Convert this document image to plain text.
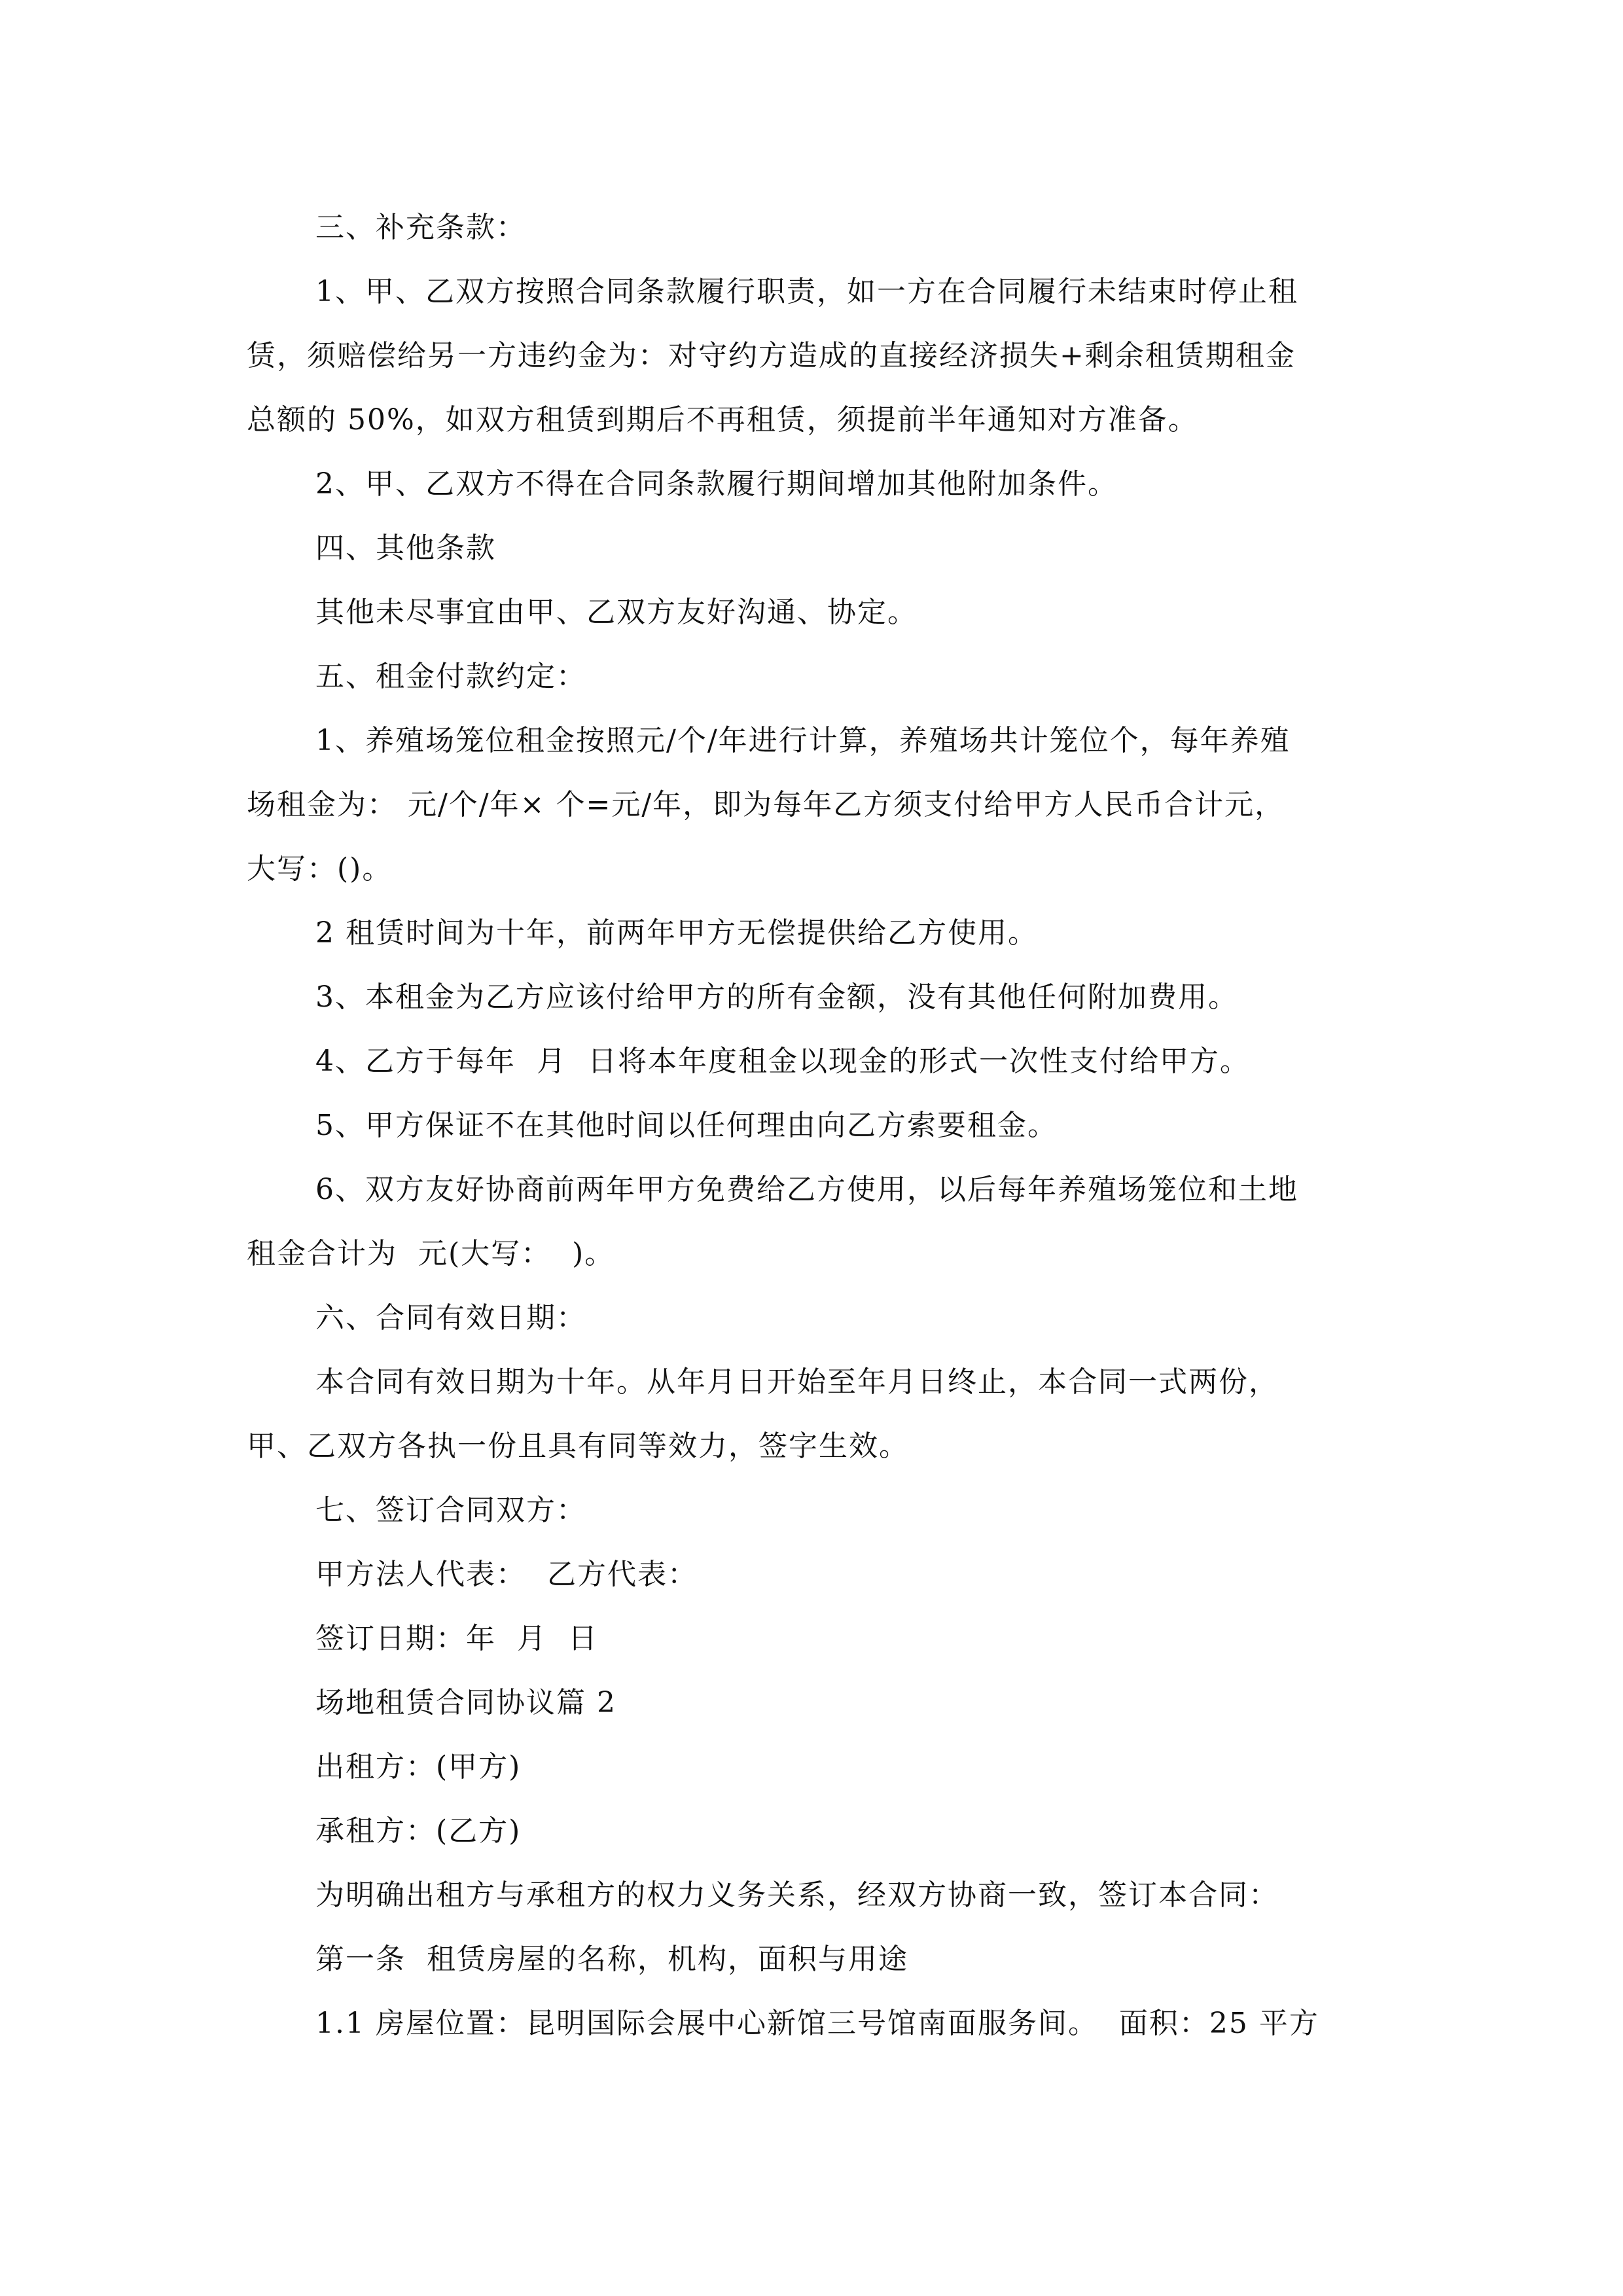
三、补充条款：
1、甲、乙双方按照合同条款履行职责，如一方在合同履行未结束时停止租
赁，须赔偿给另一方违约金为：对守约方造成的直接经济损失+剩余租赁期租金
总额的 50%，如双方租赁到期后不再租赁，须提前半年通知对方准备。
2、甲、乙双方不得在合同条款履行期间增加其他附加条件。
四、其他条款
其他未尽事宜由甲、乙双方友好沟通、协定。
五、租金付款约定：
1、养殖场笼位租金按照元/个/年进行计算，养殖场共计笼位个，每年养殖
场租金为： 元/个/年× 个=元/年，即为每年乙方须支付给甲方人民币合计元，
大写：()。
2 租赁时间为十年，前两年甲方无偿提供给乙方使用。
3、本租金为乙方应该付给甲方的所有金额，没有其他任何附加费用。
4、乙方于每年  月  日将本年度租金以现金的形式一次性支付给甲方。
5、甲方保证不在其他时间以任何理由向乙方索要租金。
6、双方友好协商前两年甲方免费给乙方使用，以后每年养殖场笼位和土地
租金合计为  元(大写：  )。
六、合同有效日期：
本合同有效日期为十年。从年月日开始至年月日终止，本合同一式两份，
甲、乙双方各执一份且具有同等效力，签字生效。
七、签订合同双方：
甲方法人代表：  乙方代表：
签订日期：年  月  日
场地租赁合同协议篇 2
出租方：(甲方)
承租方：(乙方)
为明确出租方与承租方的权力义务关系，经双方协商一致，签订本合同：
第一条  租赁房屋的名称，机构，面积与用途
1.1 房屋位置：昆明国际会展中心新馆三号馆南面服务间。  面积：25 平方
